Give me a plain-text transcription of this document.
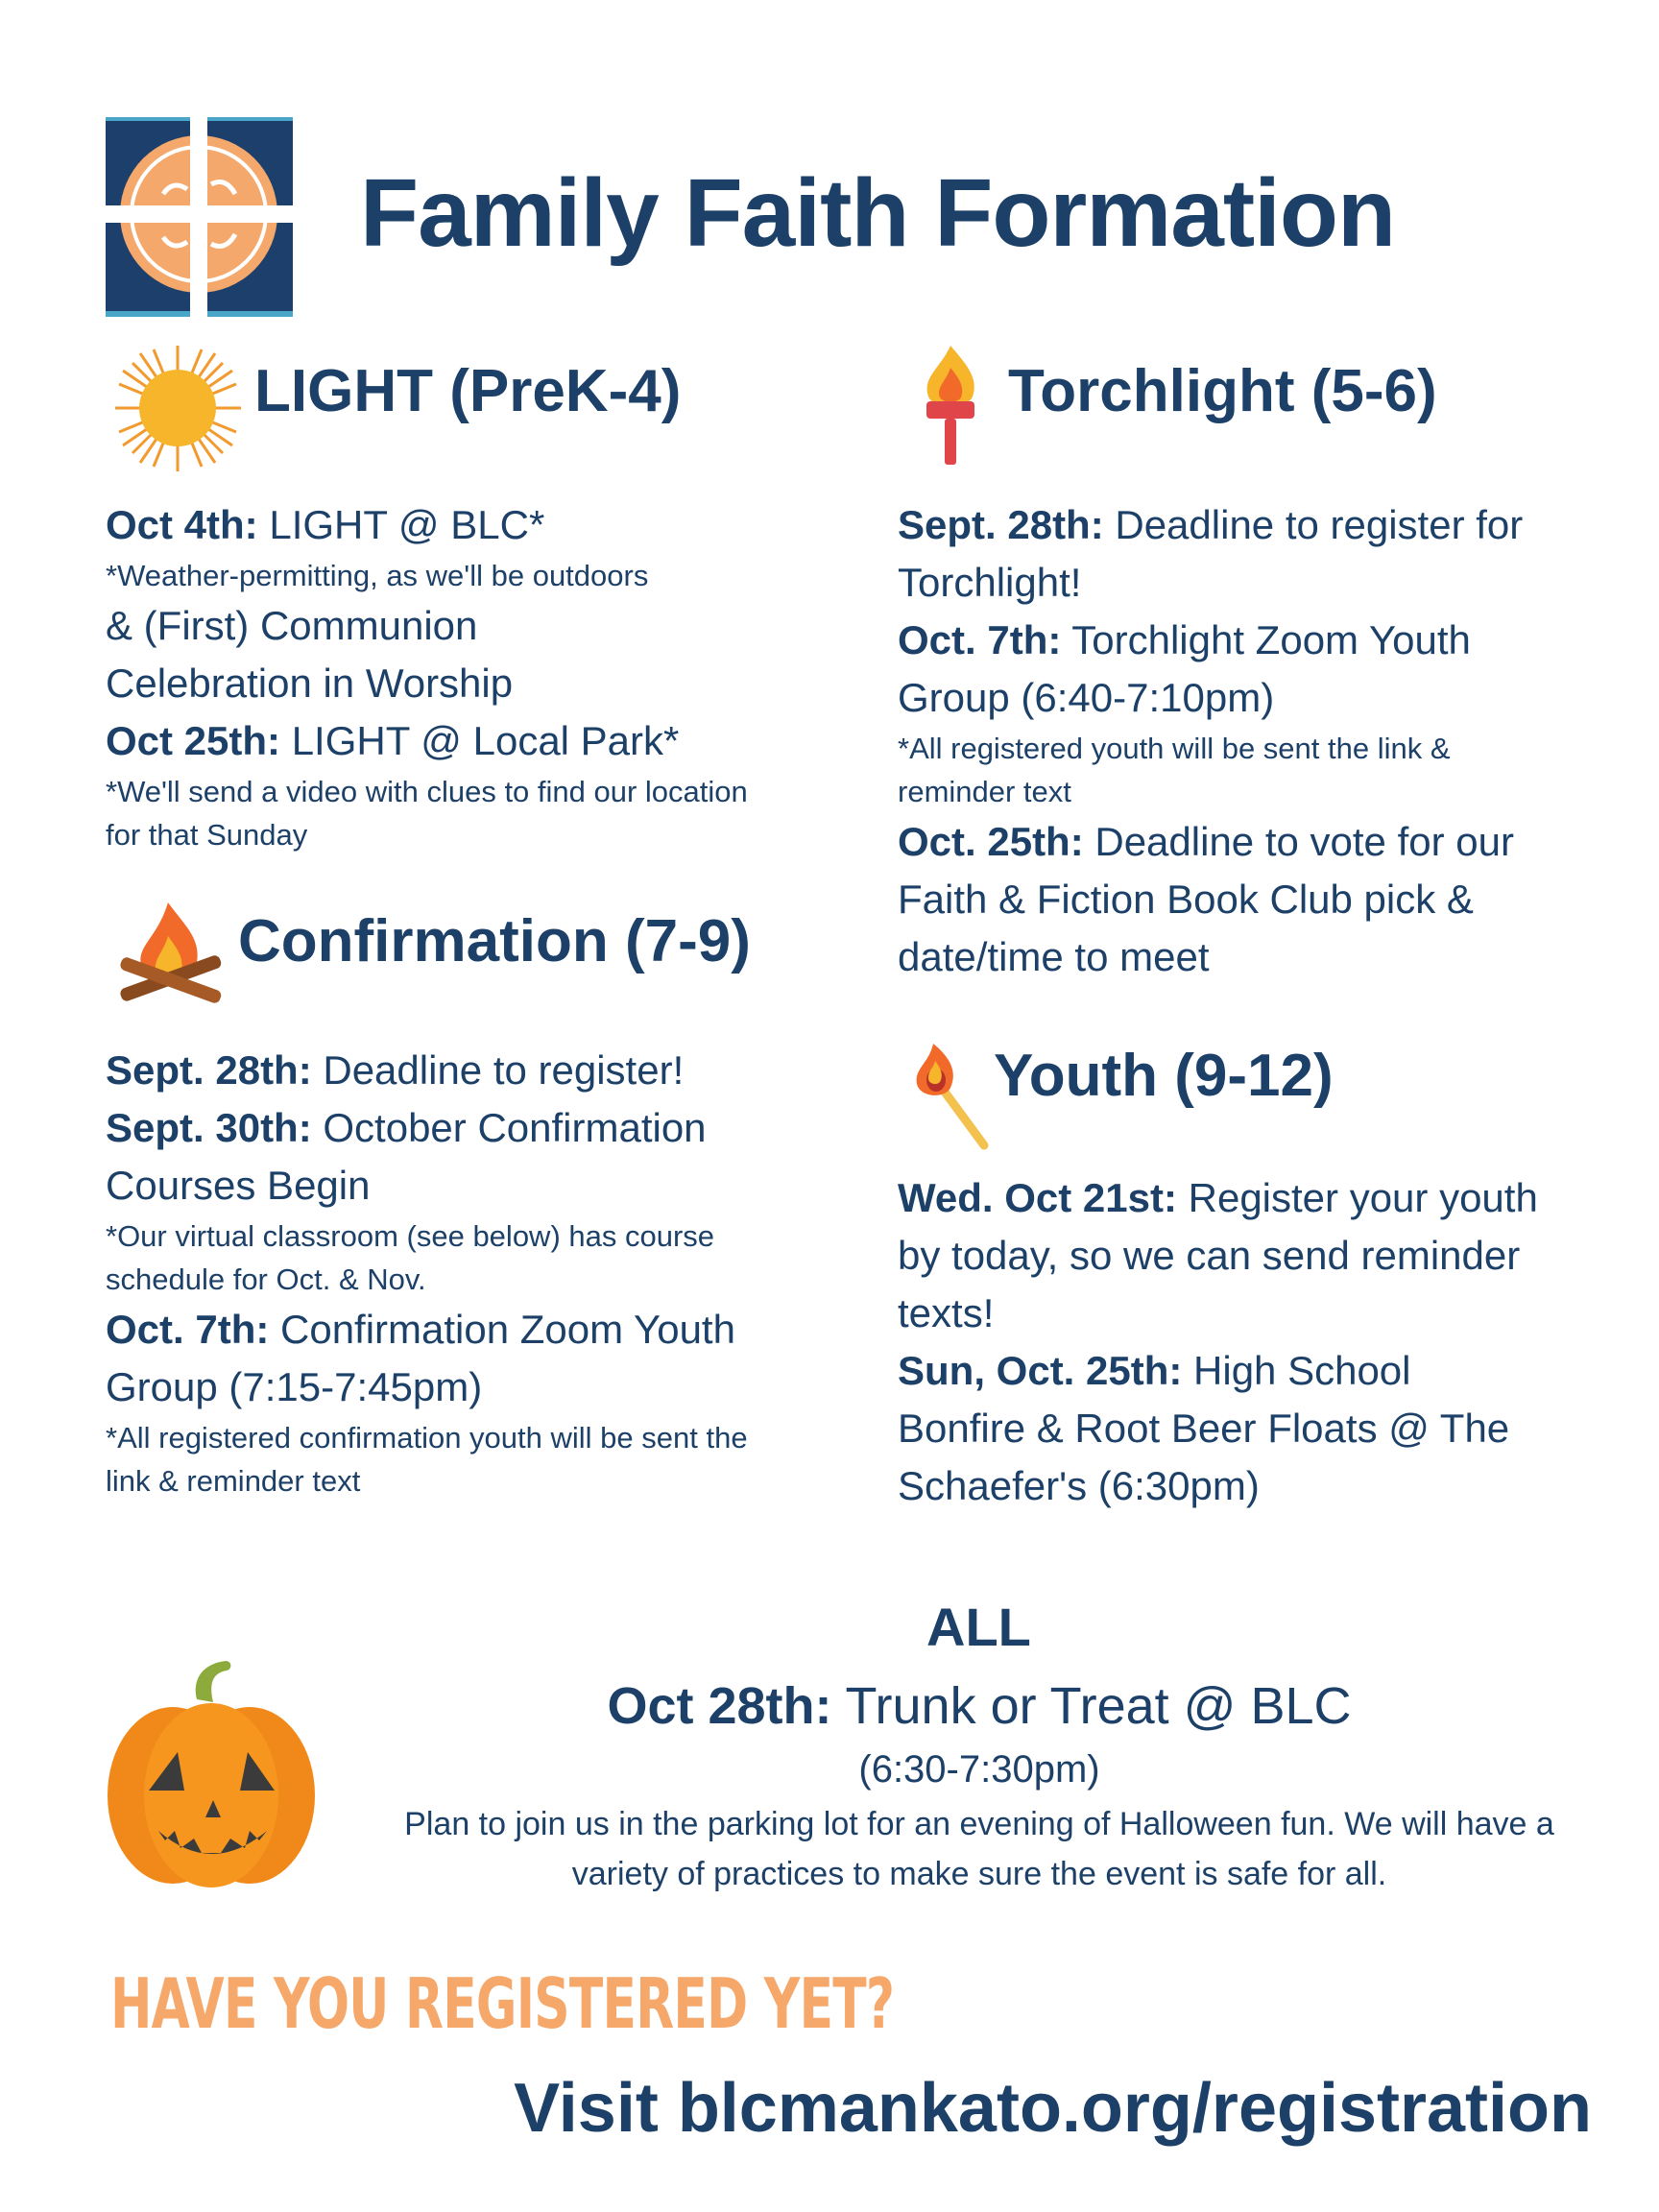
Family Faith Formation
LIGHT (PreK-4)

Oct 4th: LIGHT @ BLC*

*Weather-permitting, as we'll be outdoors

& (First) Communion Celebration in Worship

Oct 25th: LIGHT @ Local Park*

*We'll send a video with clues to find our location for that Sunday

Confirmation (7-9)

Sept. 28th: Deadline to register!

Sept. 30th: October Confirmation Courses Begin

*Our virtual classroom (see below) has course schedule for Oct. & Nov.

Oct. 7th: Confirmation Zoom Youth Group (7:15-7:45pm)

*All registered confirmation youth will be sent the link & reminder text

Torchlight (5-6)

Sept. 28th: Deadline to register for Torchlight!

Oct. 7th: Torchlight Zoom Youth Group (6:40-7:10pm)

*All registered youth will be sent the link & reminder text

Oct. 25th: Deadline to vote for our Faith & Fiction Book Club pick & date/time to meet

Youth (9-12)

Wed. Oct 21st: Register your youth by today, so we can send reminder texts!

Sun, Oct. 25th: High School Bonfire & Root Beer Floats @ The Schaefer's (6:30pm)

ALL

Oct 28th: Trunk or Treat @ BLC

(6:30-7:30pm)

Plan to join us in the parking lot for an evening of Halloween fun. We will have a variety of practices to make sure the event is safe for all.

HAVE YOU REGISTERED YET?
Visit blcmankato.org/registration
